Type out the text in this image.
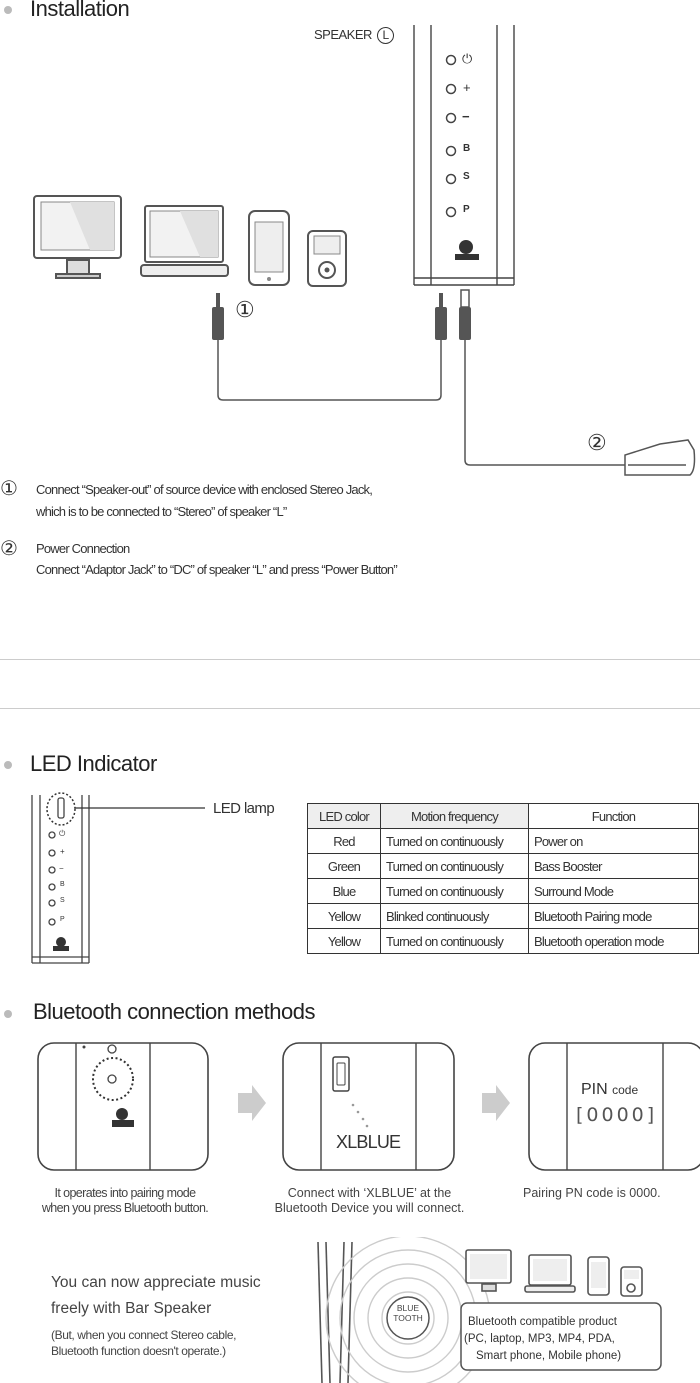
Installation
SPEAKER L
⏻
+
−
B
S
P
①
②
① Connect “Speaker-out” of source device with enclosed Stereo Jack,
which is to be connected to “Stereo” of speaker “L”
② Power Connection
Connect “Adaptor Jack” to “DC” of speaker “L” and press “Power Button”
LED Indicator
⏻
+
−
B
S
P
LED lamp	LED color	Motion frequency	Function
Red	Turned on continuously	Power on
Green	Turned on continuously	Bass Booster
Blue	Turned on continuously	Surround Mode
Yellow	Blinked continuously	Bluetooth Pairing mode
Yellow	Turned on continuously	Bluetooth operation mode
Bluetooth connection methods
XLBLUE
PIN code
[0000]
It operates into pairing mode
when you press Bluetooth button.
Connect with ‘XLBLUE’ at the
Bluetooth Device you will connect.
Pairing PN code is 0000.
You can now appreciate music
freely with Bar Speaker
(But, when you connect Stereo cable,
Bluetooth function doesn't operate.)
BLUE
TOOTH	Bluetooth compatible product
(PC, laptop, MP3, MP4, PDA,
Smart phone, Mobile phone)
